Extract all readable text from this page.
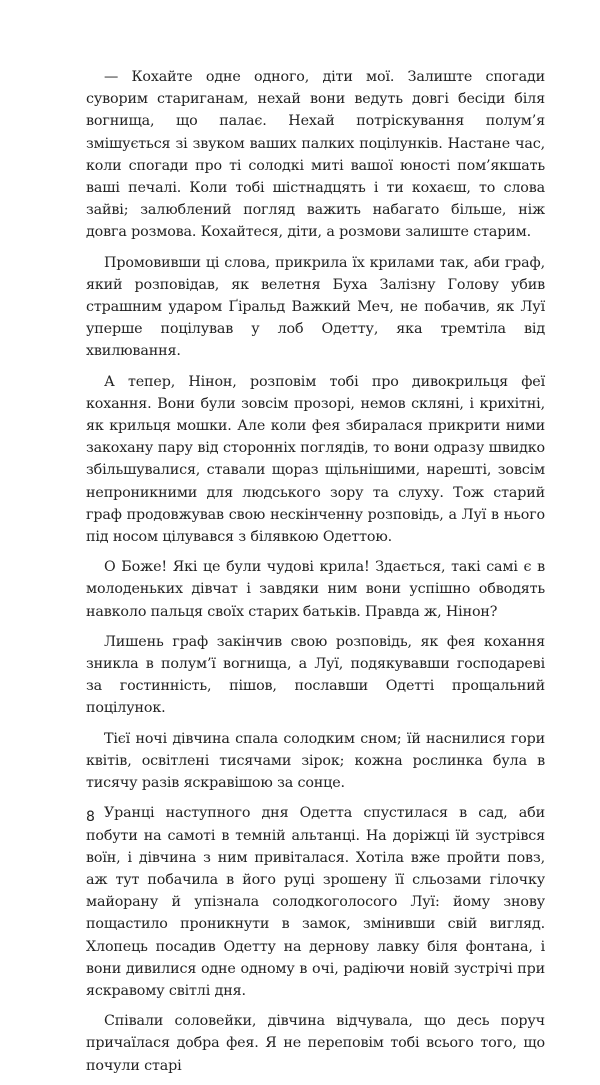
— Кохайте одне одного, діти мої. Залиште спогади суворим стариганам, нехай вони ведуть довгі бесіди біля вогнища, що палає. Нехай потріскування полум’я змішується зі звуком ваших палких поцілунків. Настане час, коли спогади про ті солодкі миті вашої юності пом’якшать ваші печалі. Коли тобі шістнадцять і ти кохаєш, то слова зайві; залюблений погляд важить набагато більше, ніж довга розмова. Кохайтеся, діти, а розмови залиште старим.

Промовивши ці слова, прикрила їх крилами так, аби граф, який розповідав, як велетня Буха Залізну Голову убив страшним ударом Ґіральд Важкий Меч, не побачив, як Луї уперше поцілував у лоб Одетту, яка тремтіла від хвилювання.

А тепер, Нінон, розповім тобі про дивокрильця феї кохання. Вони були зовсім прозорі, немов скляні, і крихітні, як крильця мошки. Але коли фея збиралася прикрити ними закохану пару від сторонніх поглядів, то вони одразу швидко збільшувалися, ставали щораз щільнішими, нарешті, зовсім непроникними для людського зору та слуху. Тож старий граф продовжував свою нескінченну розповідь, а Луї в нього під носом цілувався з білявкою Одеттою.

О Боже! Які це були чудові крила! Здається, такі самі є в молоденьких дівчат і завдяки ним вони успішно обводять навколо пальця своїх старих батьків. Правда ж, Нінон?

Лишень граф закінчив свою розповідь, як фея кохання зникла в полум’ї вогнища, а Луї, подякувавши господареві за гостинність, пішов, пославши Одетті прощальний поцілунок.

Тієї ночі дівчина спала солодким сном; їй наснилися гори квітів, освітлені тисячами зірок; кожна рослинка була в тисячу разів яскравішою за сонце.

Уранці наступного дня Одетта спустилася в сад, аби побути на самоті в темній альтанці. На доріжці їй зустрівся воїн, і дівчина з ним привіталася. Хотіла вже пройти повз, аж тут побачила в його руці зрошену її сльозами гілочку майорану й упізнала солодкоголосого Луї: йому знову пощастило проникнути в замок, змінивши свій вигляд. Хлопець посадив Одетту на дернову лавку біля фонтана, і вони дивилися одне одному в очі, радіючи новій зустрічі при яскравому світлі дня.

Співали соловейки, дівчина відчувала, що десь поруч причаїлася добра фея. Я не переповім тобі всього того, що почули старі

8
